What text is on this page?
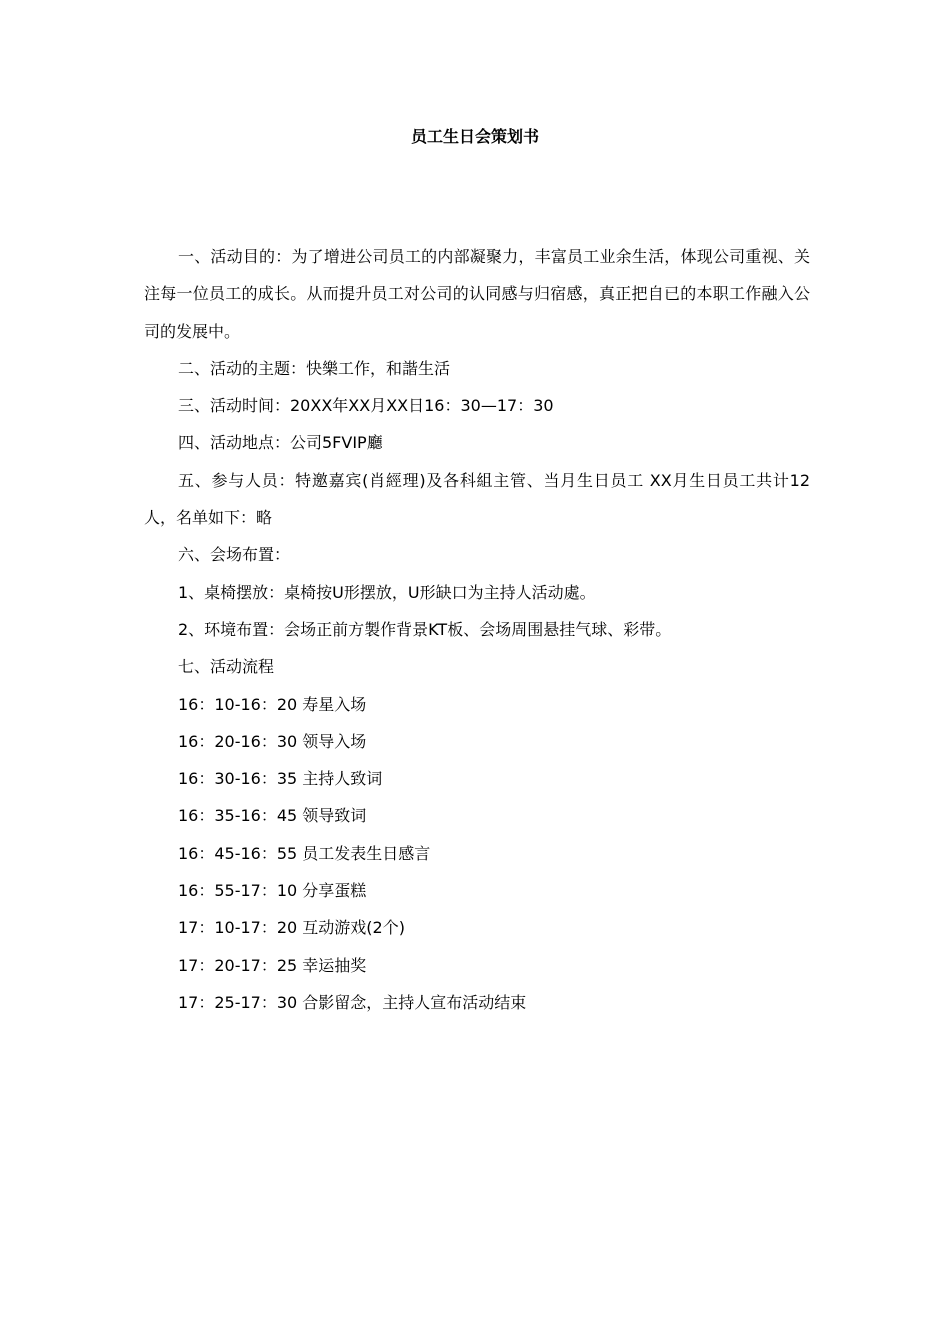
员工生日会策划书

一、活动目的：为了增进公司员工的内部凝聚力，丰富员工业余生活，体现公司重视、关注每一位员工的成长。从而提升员工对公司的认同感与归宿感，真正把自已的本职工作融入公司的发展中。

二、活动的主题：快樂工作，和諧生活

三、活动时间：20XX年XX月XX日16：30—17：30

四、活动地点：公司5FVIP廳

五、参与人员：特邀嘉宾(肖經理)及各科組主管、当月生日员工 XX月生日员工共计12人，名单如下：略

六、会场布置：

1、桌椅摆放：桌椅按U形摆放，U形缺口为主持人活动處。

2、环境布置：会场正前方製作背景KT板、会场周围悬挂气球、彩带。

七、活动流程

16：10-16：20 寿星入场

16：20-16：30 领导入场

16：30-16：35 主持人致词

16：35-16：45 领导致词

16：45-16：55 员工发表生日感言

16：55-17：10 分享蛋糕

17：10-17：20 互动游戏(2个)

17：20-17：25 幸运抽奖

17：25-17：30 合影留念，主持人宣布活动结束
